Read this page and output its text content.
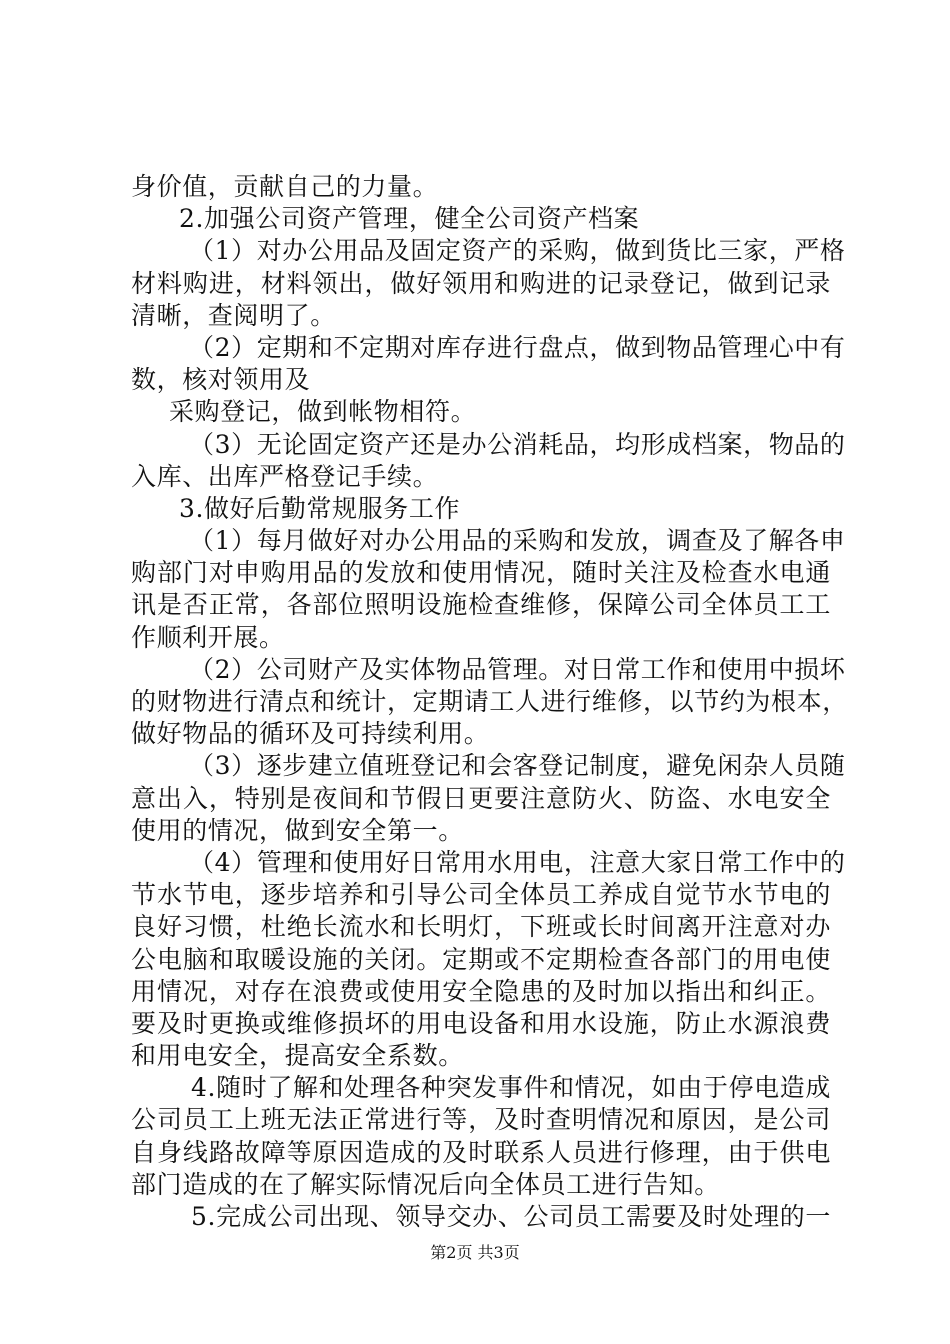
身价值，贡献自己的力量。
2.加强公司资产管理，健全公司资产档案
（1）对办公用品及固定资产的采购，做到货比三家，严格
材料购进，材料领出，做好领用和购进的记录登记，做到记录
清晰，查阅明了。
（2）定期和不定期对库存进行盘点，做到物品管理心中有
数，核对领用及
采购登记，做到帐物相符。
（3）无论固定资产还是办公消耗品，均形成档案，物品的
入库、出库严格登记手续。
3.做好后勤常规服务工作
（1）每月做好对办公用品的采购和发放，调查及了解各申
购部门对申购用品的发放和使用情况，随时关注及检查水电通
讯是否正常，各部位照明设施检查维修，保障公司全体员工工
作顺利开展。
（2）公司财产及实体物品管理。对日常工作和使用中损坏
的财物进行清点和统计，定期请工人进行维修，以节约为根本，
做好物品的循环及可持续利用。
（3）逐步建立值班登记和会客登记制度，避免闲杂人员随
意出入，特别是夜间和节假日更要注意防火、防盗、水电安全
使用的情况，做到安全第一。
（4）管理和使用好日常用水用电，注意大家日常工作中的
节水节电，逐步培养和引导公司全体员工养成自觉节水节电的
良好习惯，杜绝长流水和长明灯，下班或长时间离开注意对办
公电脑和取暖设施的关闭。定期或不定期检查各部门的用电使
用情况，对存在浪费或使用安全隐患的及时加以指出和纠正。
要及时更换或维修损坏的用电设备和用水设施，防止水源浪费
和用电安全，提高安全系数。
4.随时了解和处理各种突发事件和情况，如由于停电造成
公司员工上班无法正常进行等，及时查明情况和原因，是公司
自身线路故障等原因造成的及时联系人员进行修理，由于供电
部门造成的在了解实际情况后向全体员工进行告知。
5.完成公司出现、领导交办、公司员工需要及时处理的一
第2页 共3页
